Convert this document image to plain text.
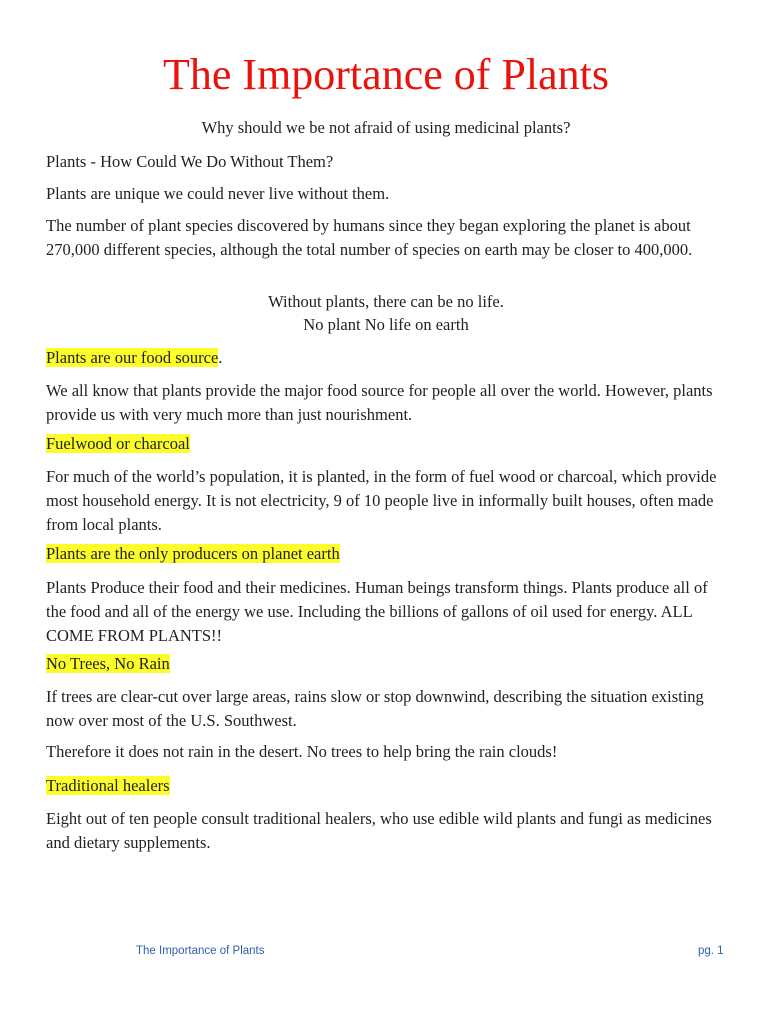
The Importance of Plants

Why should we be not afraid of using medicinal plants?

Plants - How Could We Do Without Them?

Plants are unique we could never live without them.

The number of plant species discovered by humans since they began exploring the planet is about 270,000 different species, although the total number of species on earth may be closer to 400,000.

Without plants, there can be no life.

No plant No life on earth

Plants are our food source.

We all know that plants provide the major food source for people all over the world. However, plants provide us with very much more than just nourishment.

Fuelwood or charcoal

For much of the world’s population, it is planted, in the form of fuel wood or charcoal, which provide most household energy. It is not electricity, 9 of 10 people live in informally built houses, often made from local plants.

Plants are the only producers on planet earth

Plants Produce their food and their medicines. Human beings transform things. Plants produce all of the food and all of the energy we use. Including the billions of gallons of oil used for energy. ALL COME FROM PLANTS!!

No Trees, No Rain

If trees are clear-cut over large areas, rains slow or stop downwind, describing the situation existing now over most of the U.S. Southwest.

Therefore it does not rain in the desert. No trees to help bring the rain clouds!

Traditional healers

Eight out of ten people consult traditional healers, who use edible wild plants and fungi as medicines and dietary supplements.

The Importance of Plants	pg. 1
